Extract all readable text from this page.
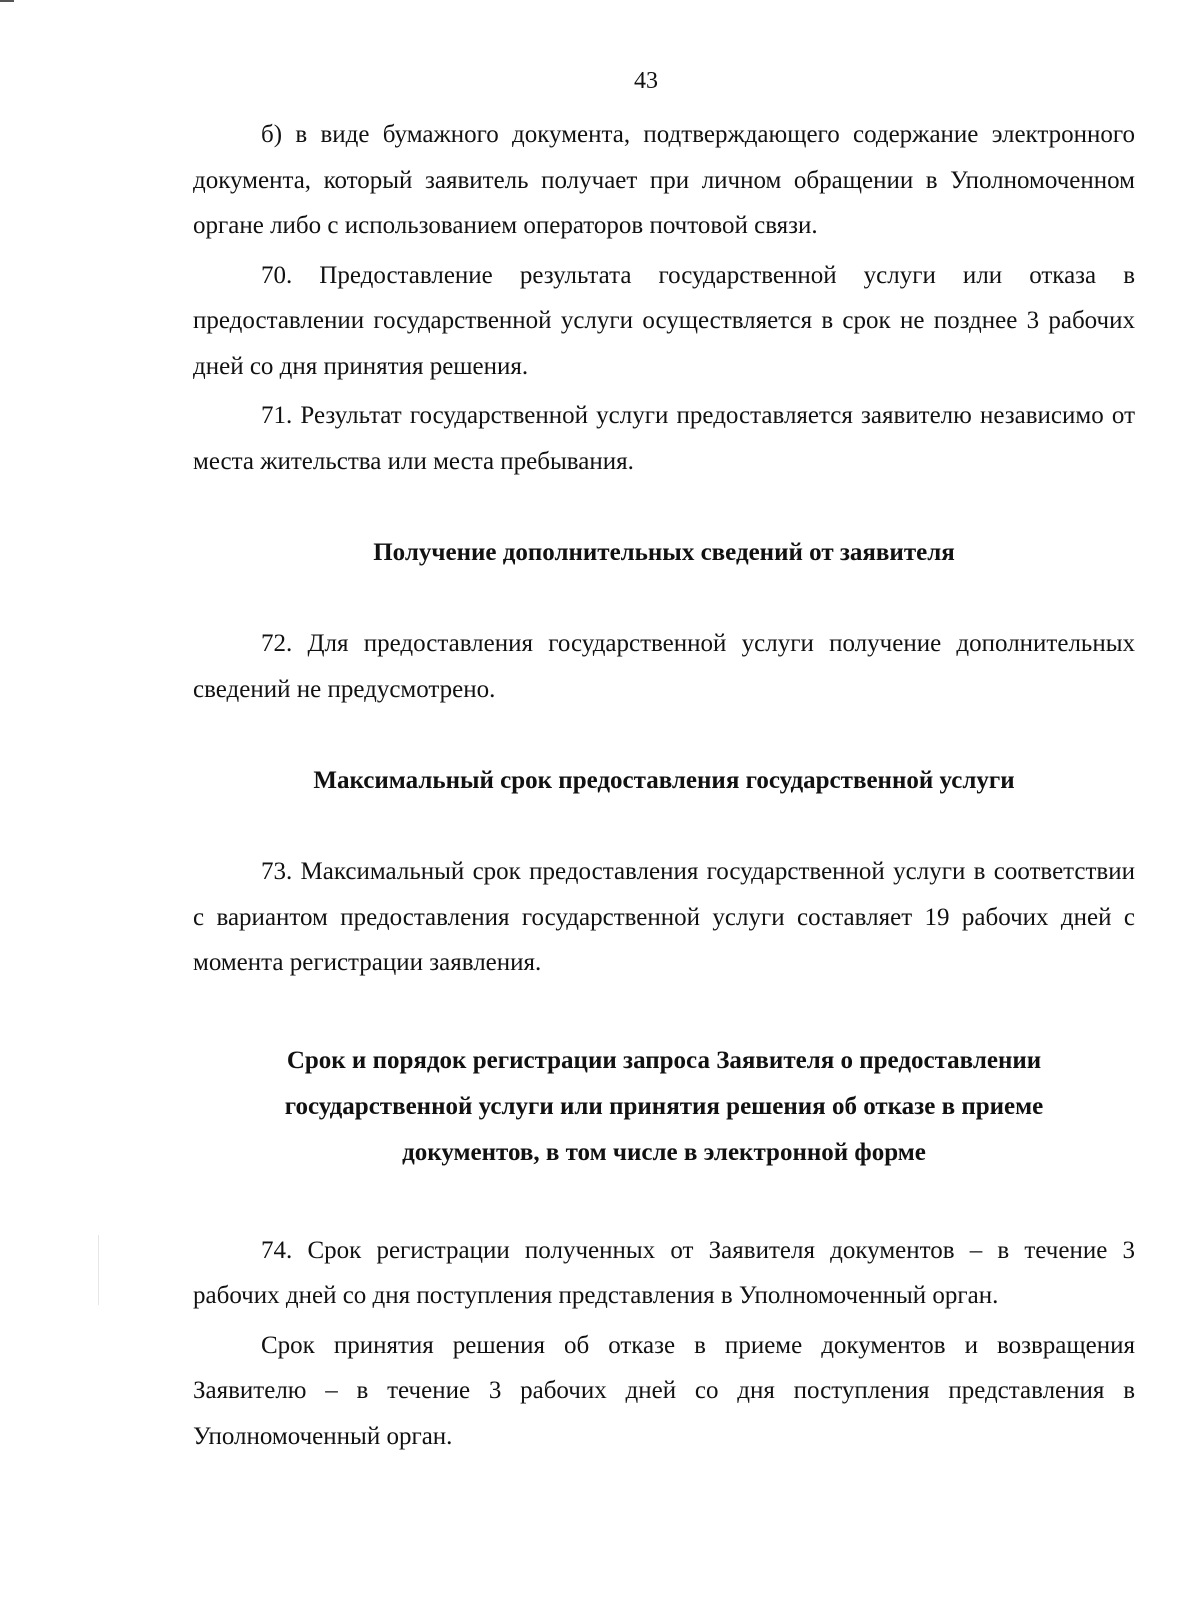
43

б) в виде бумажного документа, подтверждающего содержание электронного документа, который заявитель получает при личном обращении в Уполномоченном органе либо с использованием операторов почтовой связи.

70. Предоставление результата государственной услуги или отказа в предоставлении государственной услуги осуществляется в срок не позднее 3 рабочих дней со дня принятия решения.

71. Результат государственной услуги предоставляется заявителю независимо от места жительства или места пребывания.

Получение дополнительных сведений от заявителя

72. Для предоставления государственной услуги получение дополнительных сведений не предусмотрено.

Максимальный срок предоставления государственной услуги

73. Максимальный срок предоставления государственной услуги в соответствии с вариантом предоставления государственной услуги составляет 19 рабочих дней с момента регистрации заявления.

Срок и порядок регистрации запроса Заявителя о предоставлении
государственной услуги или принятия решения об отказе в приеме
документов, в том числе в электронной форме

74. Срок регистрации полученных от Заявителя документов – в течение 3 рабочих дней со дня поступления представления в Уполномоченный орган.

Срок принятия решения об отказе в приеме документов и возвращения Заявителю – в течение 3 рабочих дней со дня поступления представления в Уполномоченный орган.
